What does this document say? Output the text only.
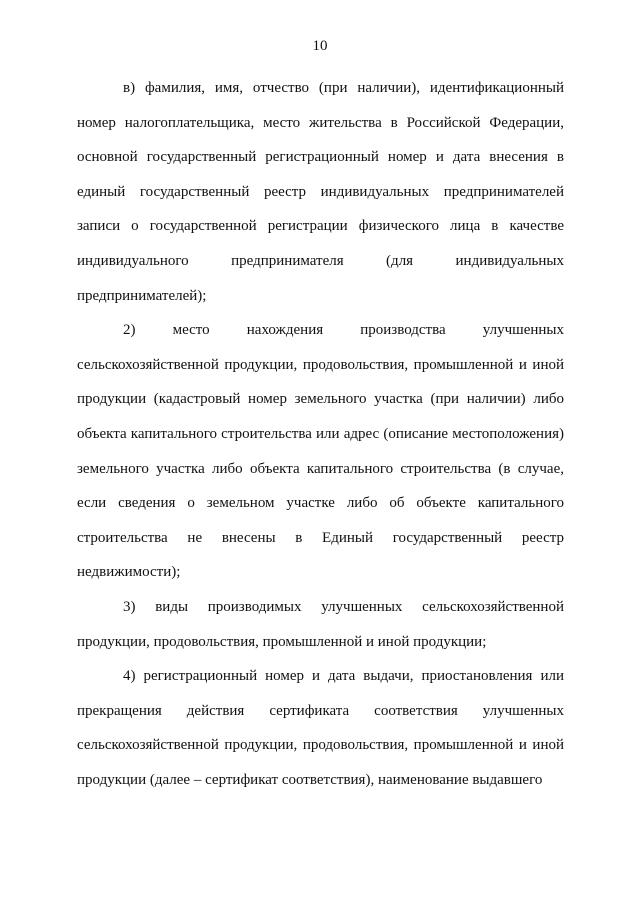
10

в) фамилия, имя, отчество (при наличии), идентификационный номер налогоплательщика, место жительства в Российской Федерации, основной государственный регистрационный номер и дата внесения в единый государственный реестр индивидуальных предпринимателей записи о государственной регистрации физического лица в качестве индивидуального предпринимателя (для индивидуальных предпринимателей);

2) место нахождения производства улучшенных сельскохозяйственной продукции, продовольствия, промышленной и иной продукции (кадастровый номер земельного участка (при наличии) либо объекта капитального строительства или адрес (описание местоположения) земельного участка либо объекта капитального строительства (в случае, если сведения о земельном участке либо об объекте капитального строительства не внесены в Единый государственный реестр недвижимости);

3) виды производимых улучшенных сельскохозяйственной продукции, продовольствия, промышленной и иной продукции;

4) регистрационный номер и дата выдачи, приостановления или прекращения действия сертификата соответствия улучшенных сельскохозяйственной продукции, продовольствия, промышленной и иной продукции (далее – сертификат соответствия), наименование выдавшего
